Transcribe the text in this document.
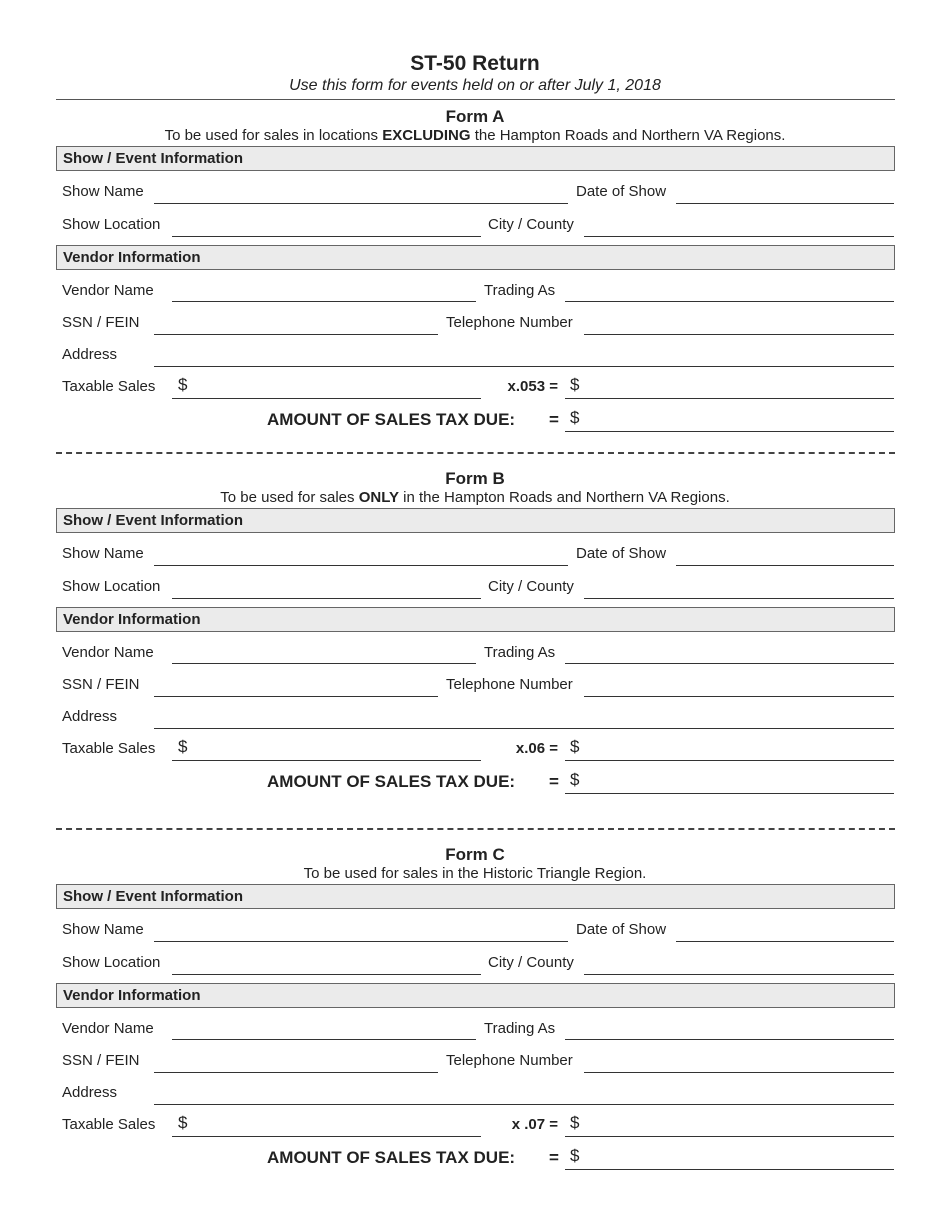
ST-50 Return
Use this form for events held on or after July 1, 2018
Form A
To be used for sales in locations EXCLUDING the Hampton Roads and Northern VA Regions.
Show / Event Information
Show Name	Date of Show
Show Location	City / County
Vendor Information
Vendor Name	Trading As
SSN / FEIN	Telephone Number
Address
Taxable Sales $	x.053 = $
AMOUNT OF SALES TAX DUE: = $
Form B
To be used for sales ONLY in the Hampton Roads and Northern VA Regions.
Show / Event Information
Show Name	Date of Show
Show Location	City / County
Vendor Information
Vendor Name	Trading As
SSN / FEIN	Telephone Number
Address
Taxable Sales $	x.06 = $
AMOUNT OF SALES TAX DUE: = $
Form C
To be used for sales in the Historic Triangle Region.
Show / Event Information
Show Name	Date of Show
Show Location	City / County
Vendor Information
Vendor Name	Trading As
SSN / FEIN	Telephone Number
Address
Taxable Sales $	x .07 = $
AMOUNT OF SALES TAX DUE: = $
